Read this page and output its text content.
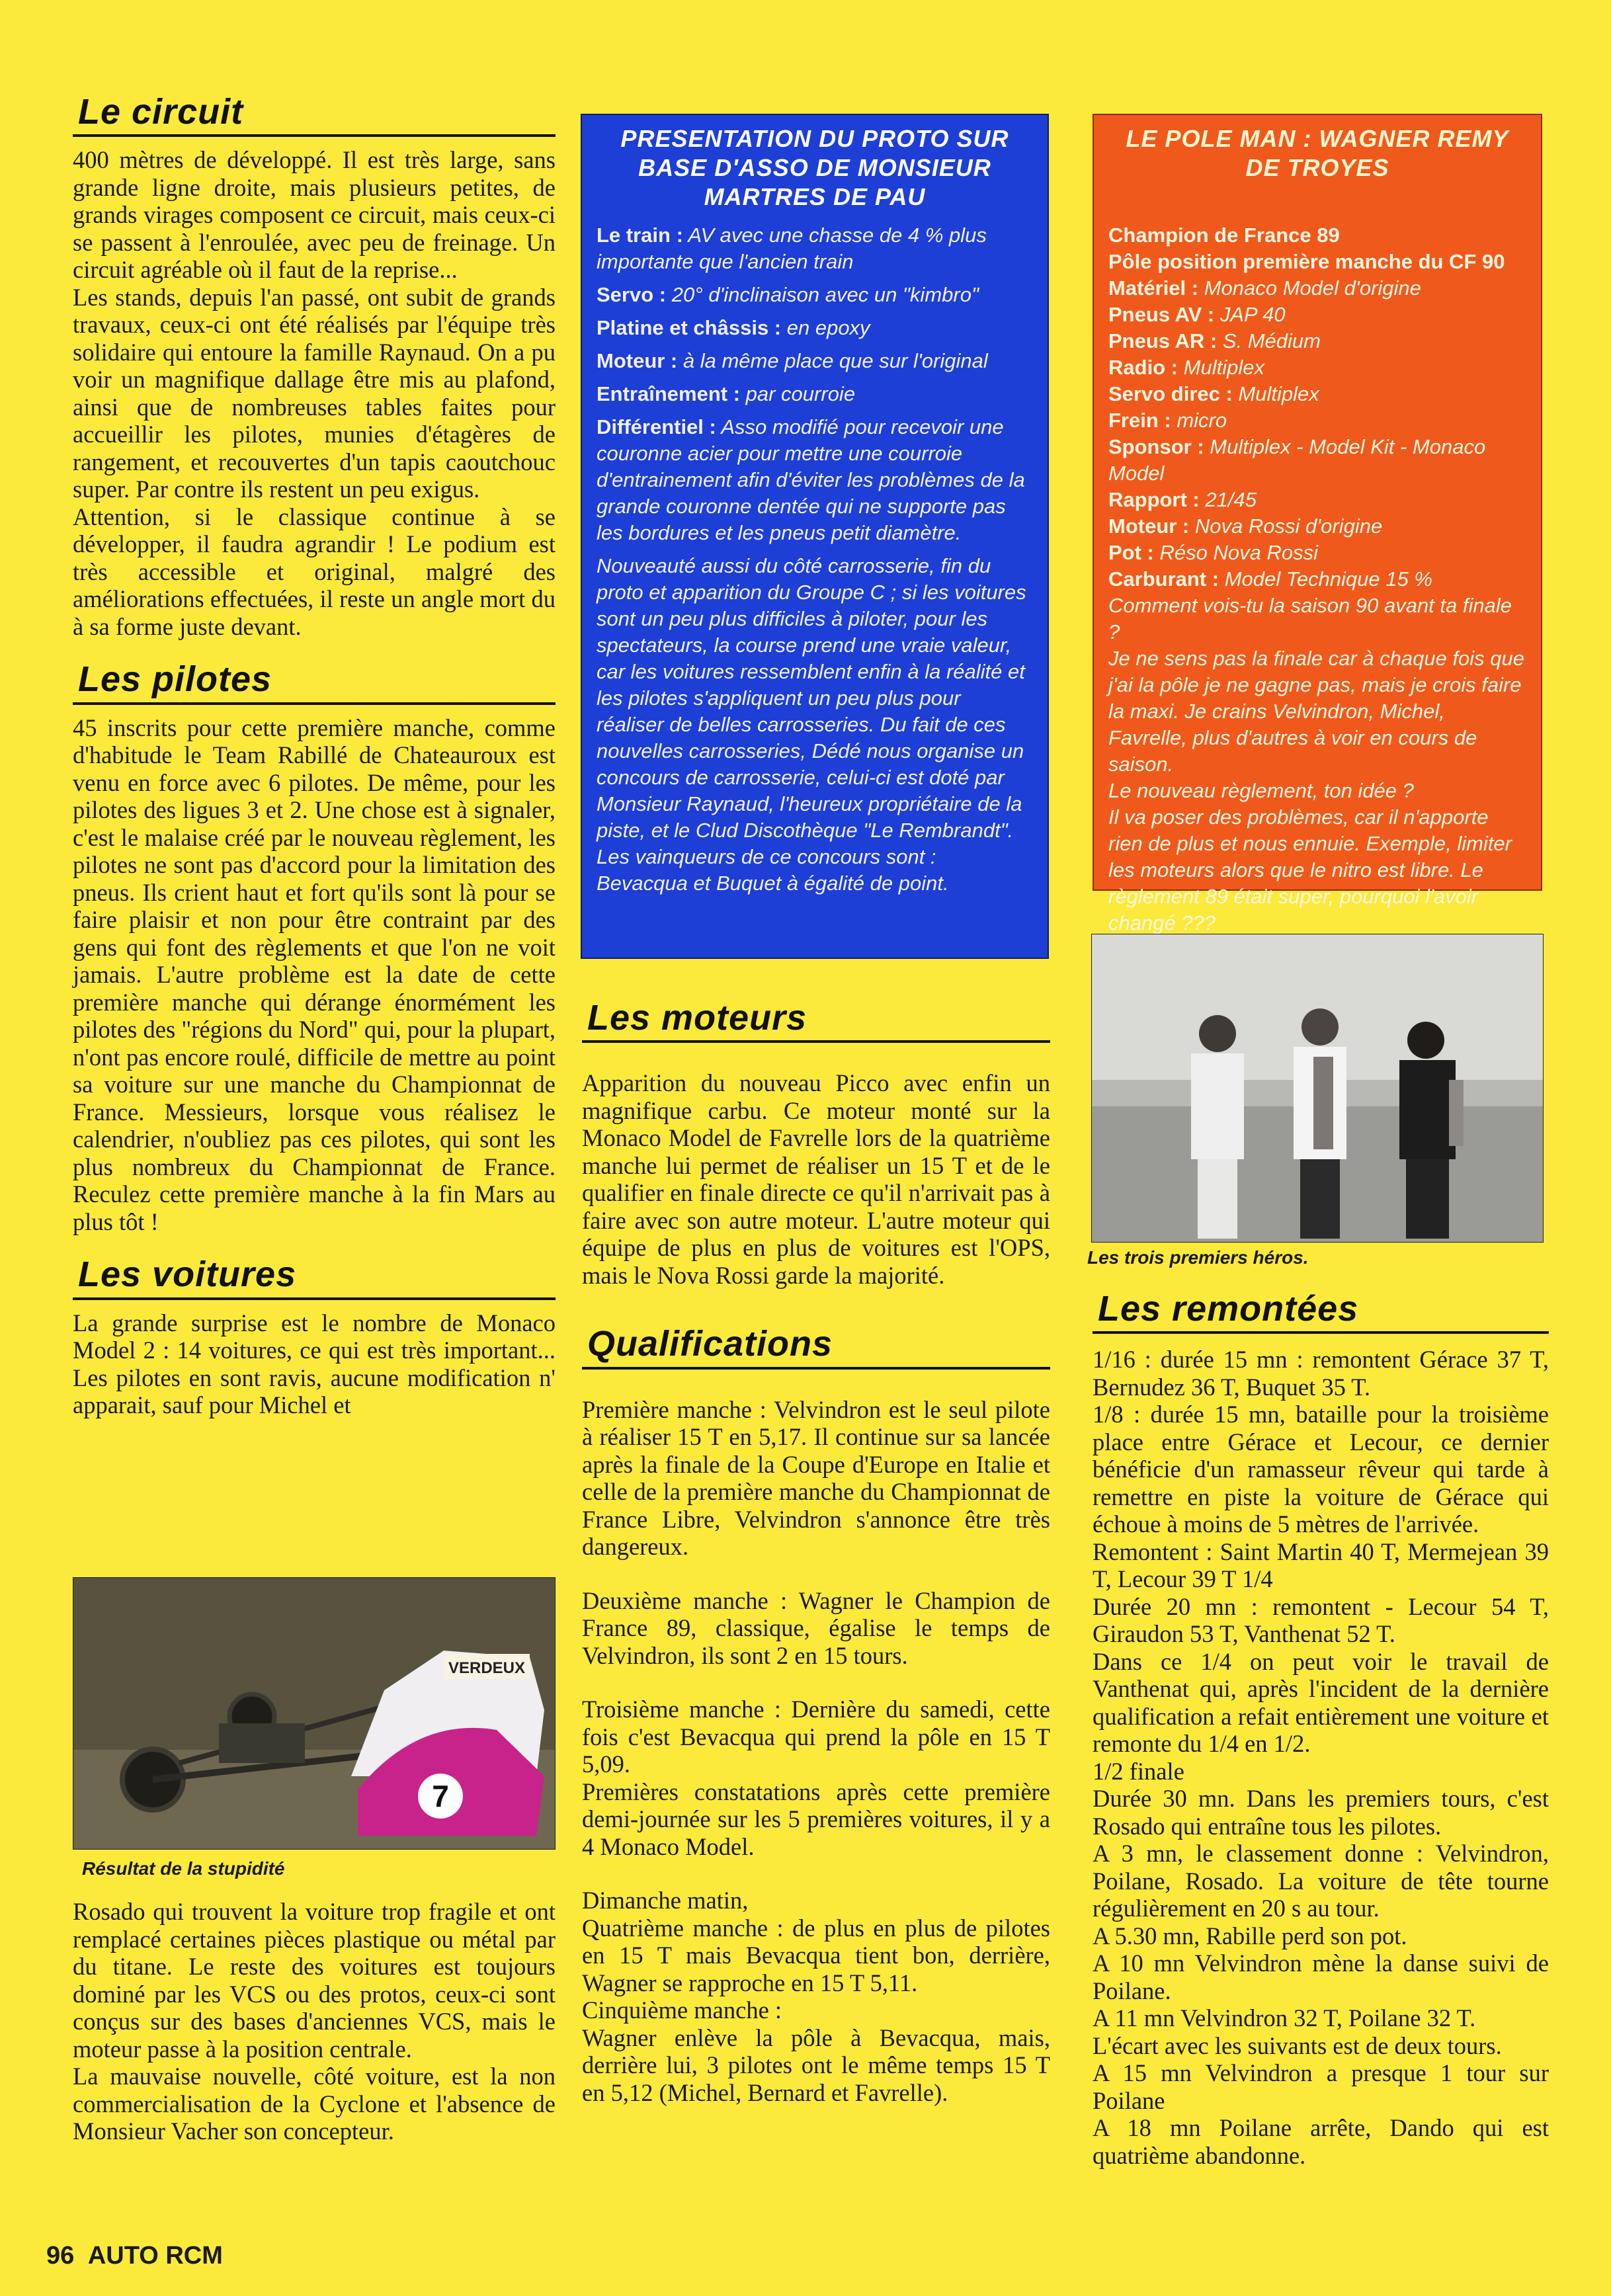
Le circuit
400 mètres de développé. Il est très large, sans grande ligne droite, mais plusieurs petites, de grands virages composent ce circuit, mais ceux-ci se passent à l'enroulée, avec peu de freinage. Un circuit agréable où il faut de la reprise...
Les stands, depuis l'an passé, ont subit de grands travaux, ceux-ci ont été réalisés par l'équipe très solidaire qui entoure la famille Raynaud. On a pu voir un magnifique dallage être mis au plafond, ainsi que de nombreuses tables faites pour accueillir les pilotes, munies d'étagères de rangement, et recouvertes d'un tapis caoutchouc super. Par contre ils restent un peu exigus.
Attention, si le classique continue à se développer, il faudra agrandir ! Le podium est très accessible et original, malgré des améliorations effectuées, il reste un angle mort du à sa forme juste devant.
Les pilotes
45 inscrits pour cette première manche, comme d'habitude le Team Rabillé de Chateauroux est venu en force avec 6 pilotes. De même, pour les pilotes des ligues 3 et 2. Une chose est à signaler, c'est le malaise créé par le nouveau règlement, les pilotes ne sont pas d'accord pour la limitation des pneus. Ils crient haut et fort qu'ils sont là pour se faire plaisir et non pour être contraint par des gens qui font des règlements et que l'on ne voit jamais. L'autre problème est la date de cette première manche qui dérange énormément les pilotes des "régions du Nord" qui, pour la plupart, n'ont pas encore roulé, difficile de mettre au point sa voiture sur une manche du Championnat de France. Messieurs, lorsque vous réalisez le calendrier, n'oubliez pas ces pilotes, qui sont les plus nombreux du Championnat de France. Reculez cette première manche à la fin Mars au plus tôt !
Les voitures
La grande surprise est le nombre de Monaco Model 2 : 14 voitures, ce qui est très important... Les pilotes en sont ravis, aucune modification n' apparait, sauf pour Michel et
7
VERDEUX
Résultat de la stupidité
Rosado qui trouvent la voiture trop fragile et ont remplacé certaines pièces plastique ou métal par du titane. Le reste des voitures est toujours dominé par les VCS ou des protos, ceux-ci sont conçus sur des bases d'anciennes VCS, mais le moteur passe à la position centrale.
La mauvaise nouvelle, côté voiture, est la non commercialisation de la Cyclone et l'absence de Monsieur Vacher son concepteur.
PRESENTATION DU PROTO SUR BASE D'ASSO DE MONSIEUR MARTRES DE PAU
Le train : AV avec une chasse de 4 % plus importante que l'ancien train
Servo : 20° d'inclinaison avec un "kimbro"
Platine et châssis : en epoxy
Moteur : à la même place que sur l'original
Entraînement : par courroie
Différentiel : Asso modifié pour recevoir une couronne acier pour mettre une courroie d'entrainement afin d'éviter les problèmes de la grande couronne dentée qui ne supporte pas les bordures et les pneus petit diamètre.
Nouveauté aussi du côté carrosserie, fin du proto et apparition du Groupe C ; si les voitures sont un peu plus difficiles à piloter, pour les spectateurs, la course prend une vraie valeur, car les voitures ressemblent enfin à la réalité et les pilotes s'appliquent un peu plus pour réaliser de belles carrosseries. Du fait de ces nouvelles carrosseries, Dédé nous organise un concours de carrosserie, celui-ci est doté par Monsieur Raynaud, l'heureux propriétaire de la piste, et le Clud Discothèque "Le Rembrandt".
Les vainqueurs de ce concours sont : Bevacqua et Buquet à égalité de point.
Les moteurs
Apparition du nouveau Picco avec enfin un magnifique carbu. Ce moteur monté sur la Monaco Model de Favrelle lors de la quatrième manche lui permet de réaliser un 15 T et de le qualifier en finale directe ce qu'il n'arrivait pas à faire avec son autre moteur. L'autre moteur qui équipe de plus en plus de voitures est l'OPS, mais le Nova Rossi garde la majorité.
Qualifications
Première manche : Velvindron est le seul pilote à réaliser 15 T en 5,17. Il continue sur sa lancée après la finale de la Coupe d'Europe en Italie et celle de la première manche du Championnat de France Libre, Velvindron s'annonce être très dangereux.
Deuxième manche : Wagner le Champion de France 89, classique, égalise le temps de Velvindron, ils sont 2 en 15 tours.
Troisième manche : Dernière du samedi, cette fois c'est Bevacqua qui prend la pôle en 15 T 5,09.
Premières constatations après cette première demi-journée sur les 5 premières voitures, il y a 4 Monaco Model.
Dimanche matin,
Quatrième manche : de plus en plus de pilotes en 15 T mais Bevacqua tient bon, derrière, Wagner se rapproche en 15 T 5,11.
Cinquième manche :
Wagner enlève la pôle à Bevacqua, mais, derrière lui, 3 pilotes ont le même temps 15 T en 5,12 (Michel, Bernard et Favrelle).
LE POLE MAN : WAGNER REMY DE TROYES
Champion de France 89
Pôle position première manche du CF 90
Matériel : Monaco Model d'origine
Pneus AV : JAP 40
Pneus AR : S. Médium
Radio : Multiplex
Servo direc : Multiplex
Frein : micro
Sponsor : Multiplex - Model Kit - Monaco Model
Rapport : 21/45
Moteur : Nova Rossi d'origine
Pot : Réso Nova Rossi
Carburant : Model Technique 15 %
Comment vois-tu la saison 90 avant ta finale ?
Je ne sens pas la finale car à chaque fois que j'ai la pôle je ne gagne pas, mais je crois faire la maxi. Je crains Velvindron, Michel, Favrelle, plus d'autres à voir en cours de saison.
Le nouveau règlement, ton idée ?
Il va poser des problèmes, car il n'apporte rien de plus et nous ennuie. Exemple, limiter les moteurs alors que le nitro est libre. Le règlement 89 était super, pourquoi l'avoir changé ???
Les trois premiers héros.
Les remontées
1/16 : durée 15 mn : remontent Gérace 37 T, Bernudez 36 T, Buquet 35 T.
1/8 : durée 15 mn, bataille pour la troisième place entre Gérace et Lecour, ce dernier bénéficie d'un ramasseur rêveur qui tarde à remettre en piste la voiture de Gérace qui échoue à moins de 5 mètres de l'arrivée.
Remontent : Saint Martin 40 T, Mermejean 39 T, Lecour 39 T 1/4
Durée 20 mn : remontent - Lecour 54 T, Giraudon 53 T, Vanthenat 52 T.
Dans ce 1/4 on peut voir le travail de Vanthenat qui, après l'incident de la dernière qualification a refait entièrement une voiture et remonte du 1/4 en 1/2.
1/2 finale
Durée 30 mn. Dans les premiers tours, c'est Rosado qui entraîne tous les pilotes.
A 3 mn, le classement donne : Velvindron, Poilane, Rosado. La voiture de tête tourne régulièrement en 20 s au tour.
A 5.30 mn, Rabille perd son pot.
A 10 mn Velvindron mène la danse suivi de Poilane.
A 11 mn Velvindron 32 T, Poilane 32 T.
L'écart avec les suivants est de deux tours.
A 15 mn Velvindron a presque 1 tour sur Poilane
A 18 mn Poilane arrête, Dando qui est quatrième abandonne.
96 AUTO RCM
